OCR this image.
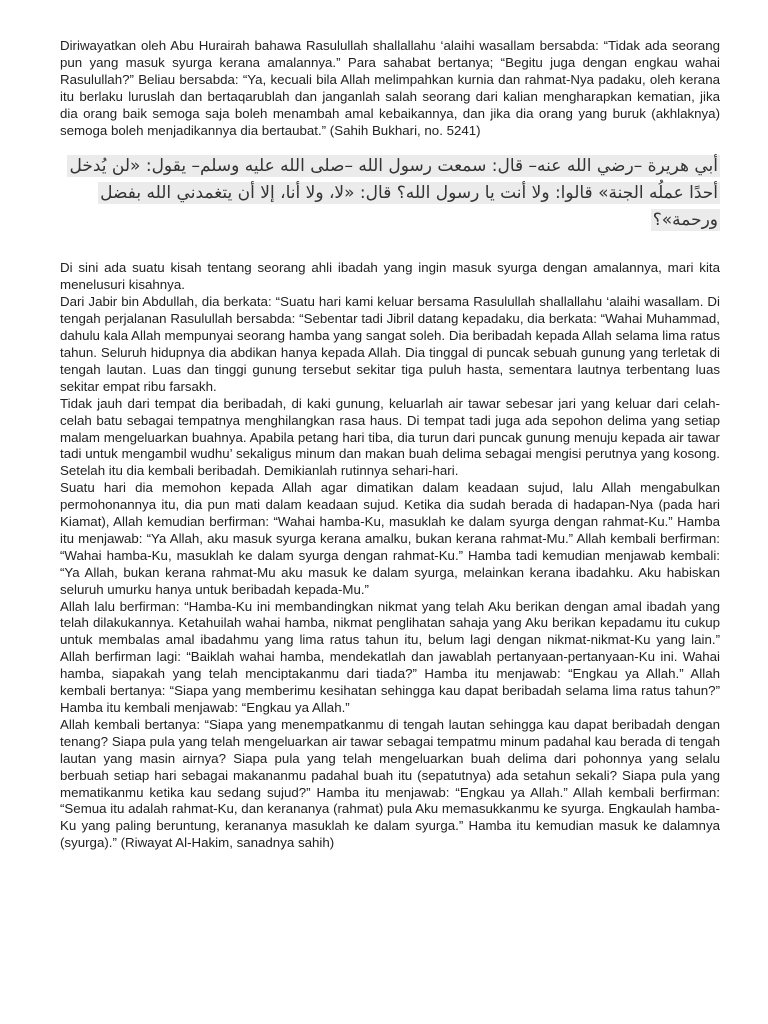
Diriwayatkan oleh Abu Hurairah bahawa Rasulullah shallallahu ‘alaihi wasallam bersabda: “Tidak ada seorang pun yang masuk syurga kerana amalannya.” Para sahabat bertanya; “Begitu juga dengan engkau wahai Rasulullah?” Beliau bersabda: “Ya, kecuali bila Allah melimpahkan kurnia dan rahmat-Nya padaku, oleh kerana itu berlaku luruslah dan bertaqarublah dan janganlah salah seorang dari kalian mengharapkan kematian, jika dia orang baik semoga saja boleh menambah amal kebaikannya, dan jika dia orang yang buruk (akhlaknya) semoga boleh menjadikannya dia bertaubat.” (Sahih Bukhari, no. 5241)

أبي هريرة –رضي الله عنه– قال: سمعت رسول الله –صلى الله عليه وسلم– يقول: «لن يُدخل أحدًا عملُه الجنة» قالوا: ولا أنت يا رسول الله؟ قال: «لا، ولا أنا، إلا أن يتغمدني الله بفضل ورحمة»؟

Di sini ada suatu kisah tentang seorang ahli ibadah yang ingin masuk syurga dengan amalannya, mari kita menelusuri kisahnya.

Dari Jabir bin Abdullah, dia berkata: “Suatu hari kami keluar bersama Rasulullah shallallahu ‘alaihi wasallam. Di tengah perjalanan Rasulullah bersabda: “Sebentar tadi Jibril datang kepadaku, dia berkata: “Wahai Muhammad, dahulu kala Allah mempunyai seorang hamba yang sangat soleh. Dia beribadah kepada Allah selama lima ratus tahun. Seluruh hidupnya dia abdikan hanya kepada Allah. Dia tinggal di puncak sebuah gunung yang terletak di tengah lautan. Luas dan tinggi gunung tersebut sekitar tiga puluh hasta, sementara lautnya terbentang luas sekitar empat ribu farsakh.

Tidak jauh dari tempat dia beribadah, di kaki gunung, keluarlah air tawar sebesar jari yang keluar dari celah-celah batu sebagai tempatnya menghilangkan rasa haus. Di tempat tadi juga ada sepohon delima yang setiap malam mengeluarkan buahnya. Apabila petang hari tiba, dia turun dari puncak gunung menuju kepada air tawar tadi untuk mengambil wudhu’ sekaligus minum dan makan buah delima sebagai mengisi perutnya yang kosong. Setelah itu dia kembali beribadah. Demikianlah rutinnya sehari-hari.

Suatu hari dia memohon kepada Allah agar dimatikan dalam keadaan sujud, lalu Allah mengabulkan permohonannya itu, dia pun mati dalam keadaan sujud. Ketika dia sudah berada di hadapan-Nya (pada hari Kiamat), Allah kemudian berfirman: “Wahai hamba-Ku, masuklah ke dalam syurga dengan rahmat-Ku.” Hamba itu menjawab: “Ya Allah, aku masuk syurga kerana amalku, bukan kerana rahmat-Mu.” Allah kembali berfirman: “Wahai hamba-Ku, masuklah ke dalam syurga dengan rahmat-Ku.” Hamba tadi kemudian menjawab kembali: “Ya Allah, bukan kerana rahmat-Mu aku masuk ke dalam syurga, melainkan kerana ibadahku. Aku habiskan seluruh umurku hanya untuk beribadah kepada-Mu.”

Allah lalu berfirman: “Hamba-Ku ini membandingkan nikmat yang telah Aku berikan dengan amal ibadah yang telah dilakukannya. Ketahuilah wahai hamba, nikmat penglihatan sahaja yang Aku berikan kepadamu itu cukup untuk membalas amal ibadahmu yang lima ratus tahun itu, belum lagi dengan nikmat-nikmat-Ku yang lain.” Allah berfirman lagi: “Baiklah wahai hamba, mendekatlah dan jawablah pertanyaan-pertanyaan-Ku ini. Wahai hamba, siapakah yang telah menciptakanmu dari tiada?” Hamba itu menjawab: “Engkau ya Allah.” Allah kembali bertanya: “Siapa yang memberimu kesihatan sehingga kau dapat beribadah selama lima ratus tahun?” Hamba itu kembali menjawab: “Engkau ya Allah.”

Allah kembali bertanya: “Siapa yang menempatkanmu di tengah lautan sehingga kau dapat beribadah dengan tenang? Siapa pula yang telah mengeluarkan air tawar sebagai tempatmu minum padahal kau berada di tengah lautan yang masin airnya? Siapa pula yang telah mengeluarkan buah delima dari pohonnya yang selalu berbuah setiap hari sebagai makananmu padahal buah itu (sepatutnya) ada setahun sekali? Siapa pula yang mematikanmu ketika kau sedang sujud?” Hamba itu menjawab: “Engkau ya Allah.” Allah kembali berfirman: “Semua itu adalah rahmat-Ku, dan kerananya (rahmat) pula Aku memasukkanmu ke syurga. Engkaulah hamba-Ku yang paling beruntung, kerananya masuklah ke dalam syurga.” Hamba itu kemudian masuk ke dalamnya (syurga).” (Riwayat Al-Hakim, sanadnya sahih)
